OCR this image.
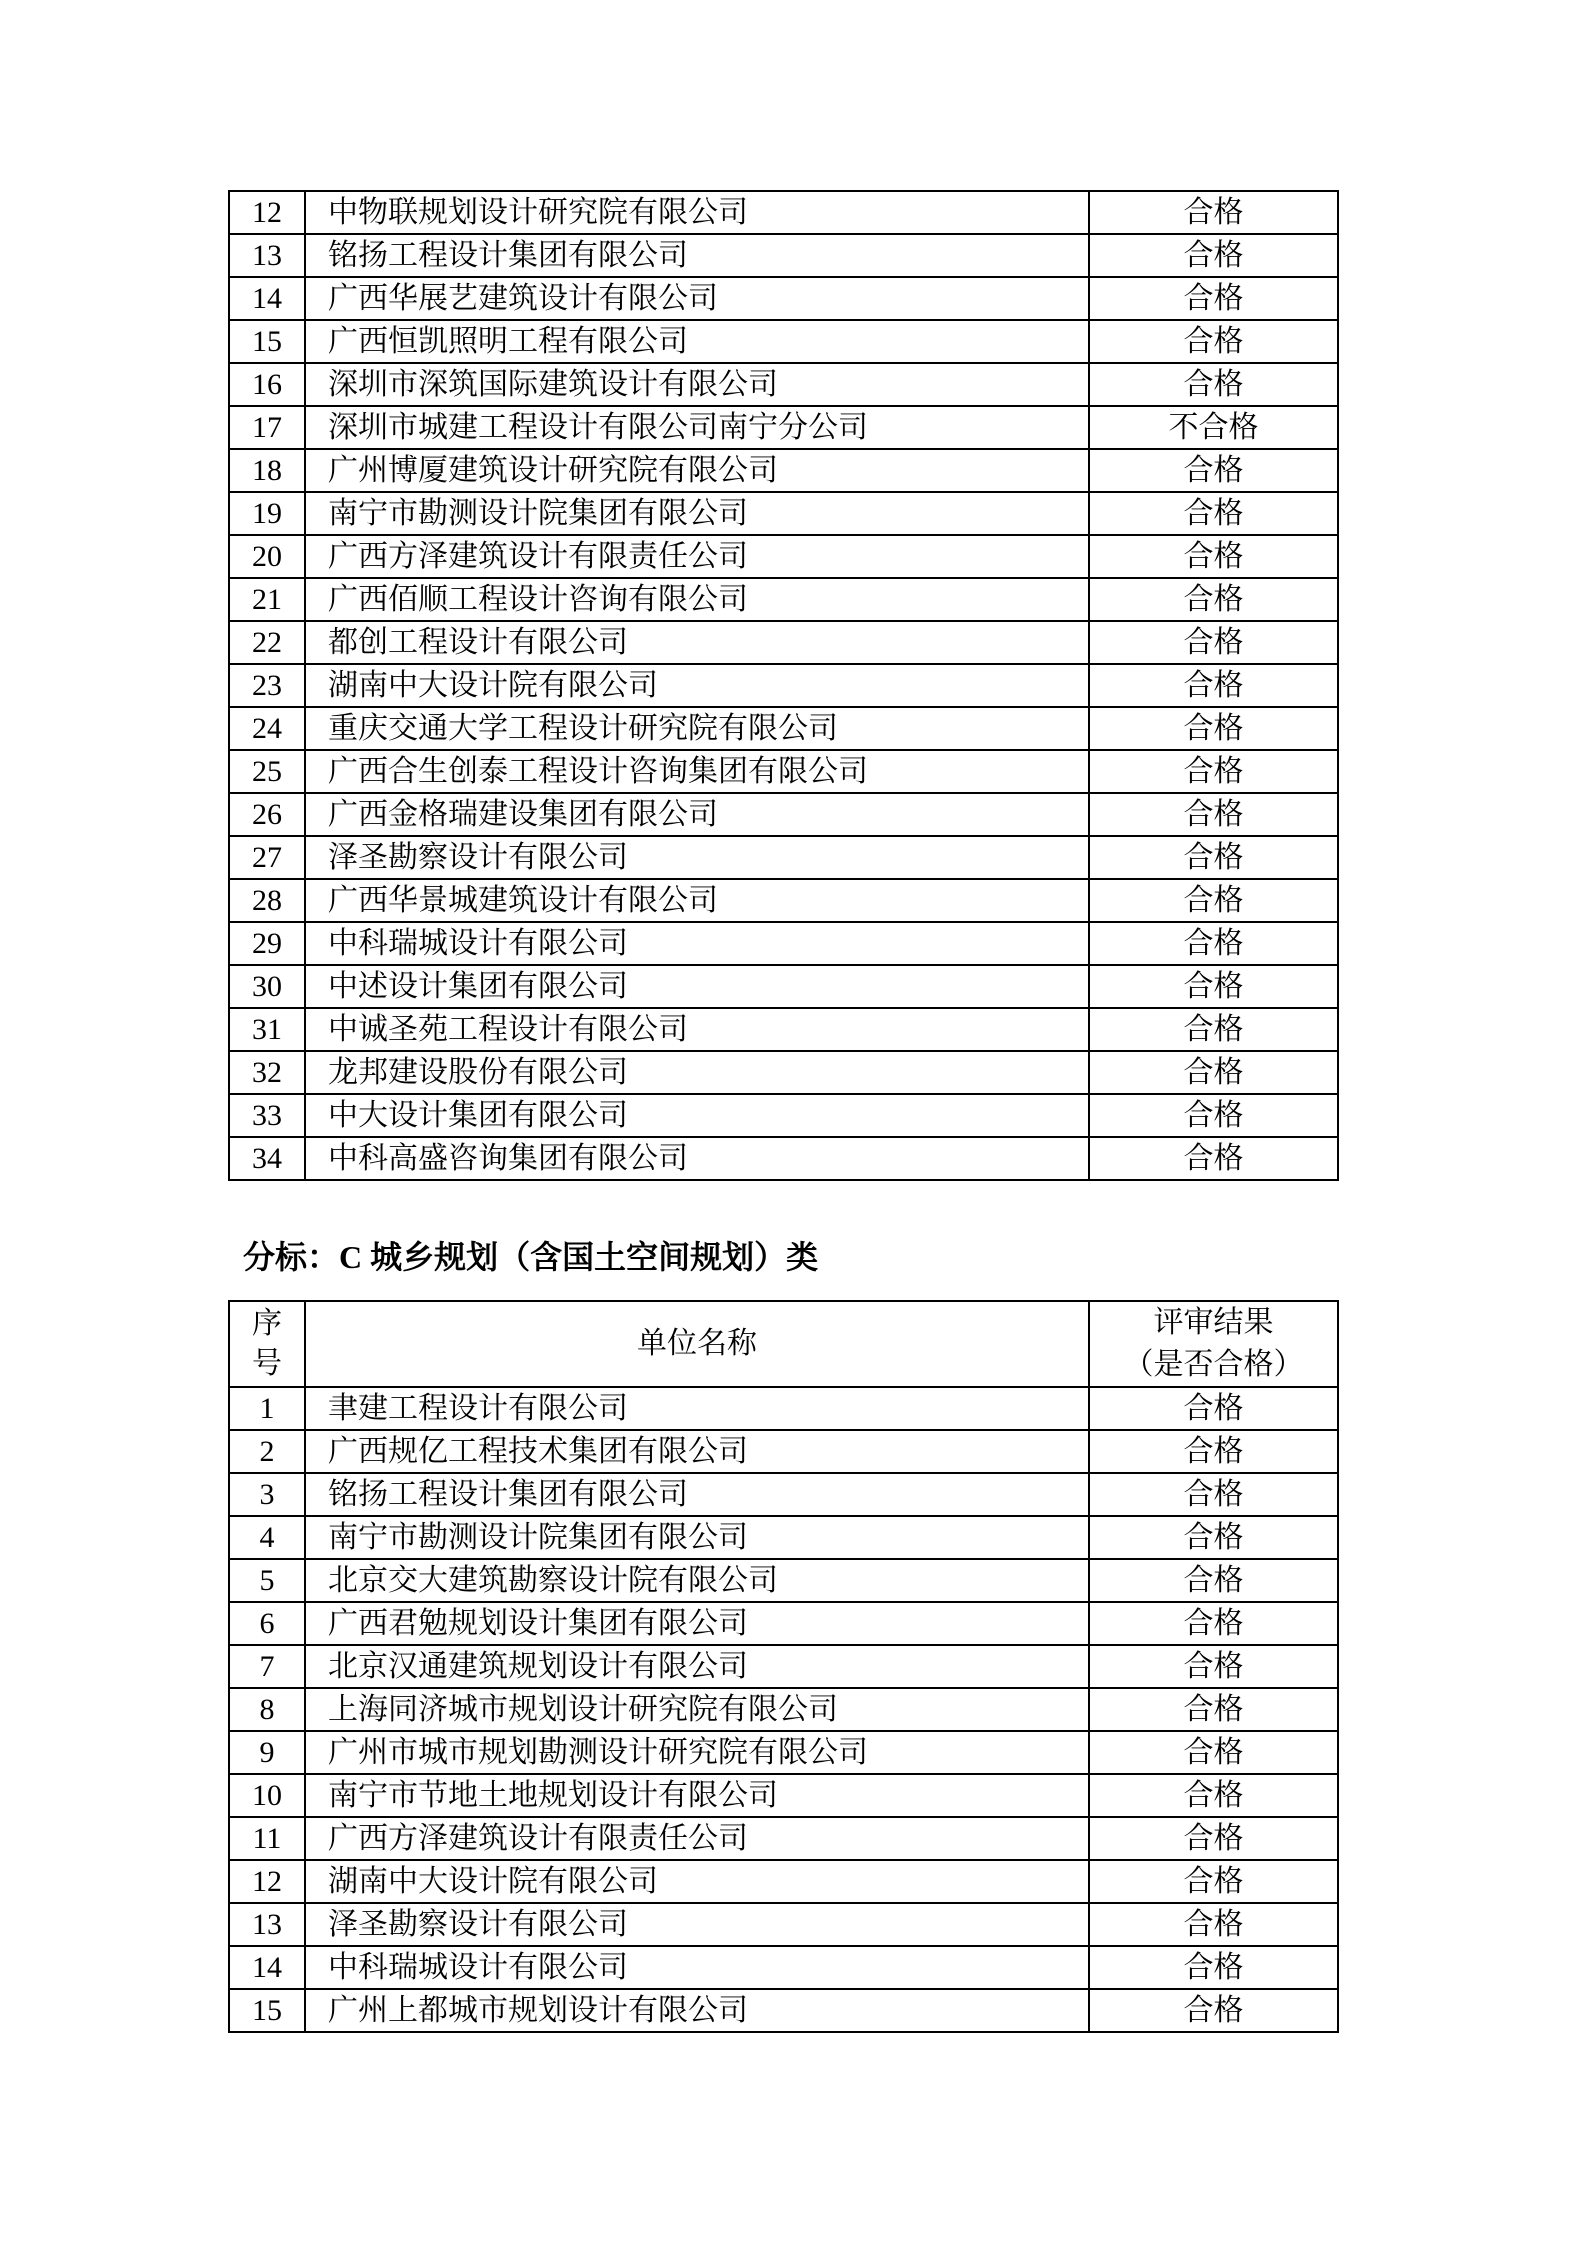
12	中物联规划设计研究院有限公司	合格
13	铭扬工程设计集团有限公司	合格
14	广西华展艺建筑设计有限公司	合格
15	广西恒凯照明工程有限公司	合格
16	深圳市深筑国际建筑设计有限公司	合格
17	深圳市城建工程设计有限公司南宁分公司	不合格
18	广州博厦建筑设计研究院有限公司	合格
19	南宁市勘测设计院集团有限公司	合格
20	广西方泽建筑设计有限责任公司	合格
21	广西佰顺工程设计咨询有限公司	合格
22	都创工程设计有限公司	合格
23	湖南中大设计院有限公司	合格
24	重庆交通大学工程设计研究院有限公司	合格
25	广西合生创泰工程设计咨询集团有限公司	合格
26	广西金格瑞建设集团有限公司	合格
27	泽圣勘察设计有限公司	合格
28	广西华景城建筑设计有限公司	合格
29	中科瑞城设计有限公司	合格
30	中述设计集团有限公司	合格
31	中诚圣苑工程设计有限公司	合格
32	龙邦建设股份有限公司	合格
33	中大设计集团有限公司	合格
34	中科高盛咨询集团有限公司	合格
分标：C 城乡规划（含国土空间规划）类
序号	单位名称	评审结果
（是否合格）

1	聿建工程设计有限公司	合格
2	广西规亿工程技术集团有限公司	合格
3	铭扬工程设计集团有限公司	合格
4	南宁市勘测设计院集团有限公司	合格
5	北京交大建筑勘察设计院有限公司	合格
6	广西君勉规划设计集团有限公司	合格
7	北京汉通建筑规划设计有限公司	合格
8	上海同济城市规划设计研究院有限公司	合格
9	广州市城市规划勘测设计研究院有限公司	合格
10	南宁市节地土地规划设计有限公司	合格
11	广西方泽建筑设计有限责任公司	合格
12	湖南中大设计院有限公司	合格
13	泽圣勘察设计有限公司	合格
14	中科瑞城设计有限公司	合格
15	广州上都城市规划设计有限公司	合格
